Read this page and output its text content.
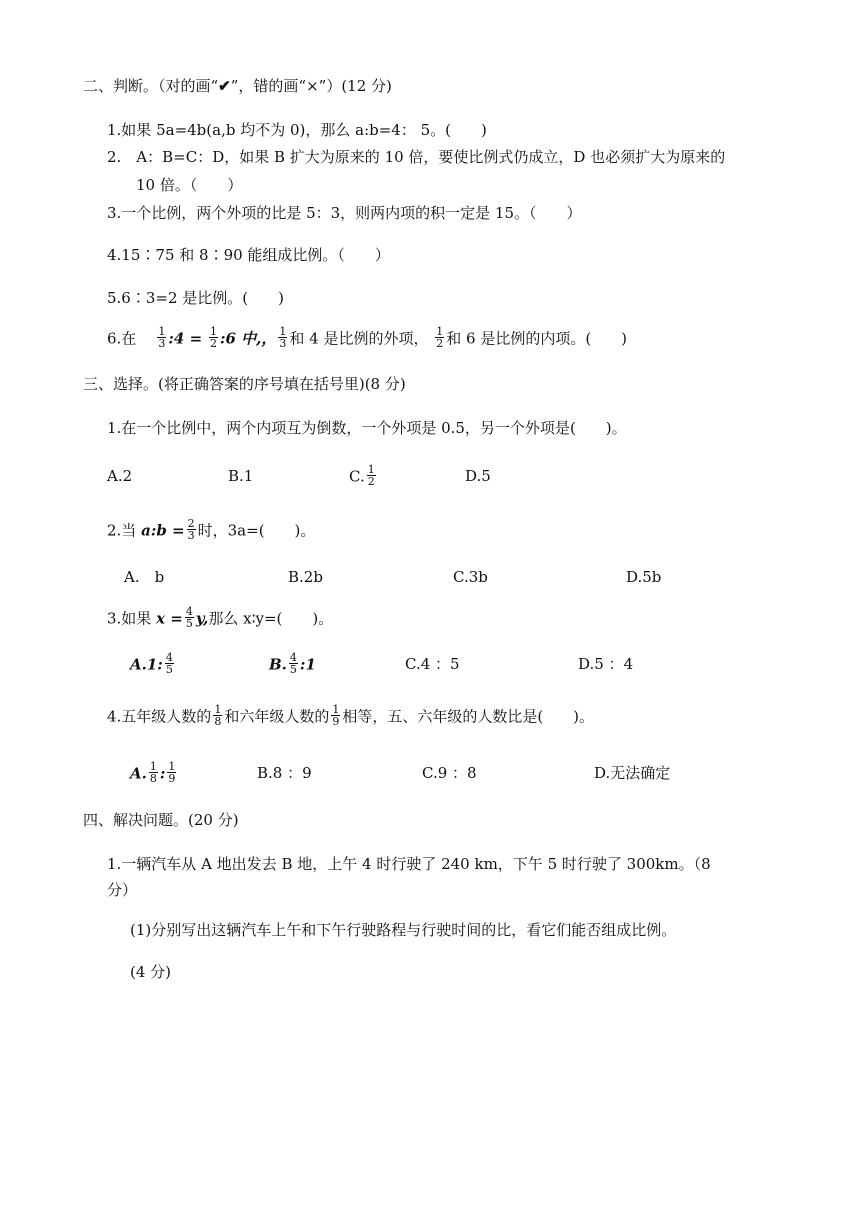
二、判断。（对的画“✔”，错的画“×”）(12 分)
1.如果 5a=4b(a,b 均不为 0)，那么 a:b=4： 5。(　　)
2.　A：B=C：D，如果 B 扩大为原来的 10 倍，要使比例式仍成立，D 也必须扩大为原来的
10 倍。（　　）
3.一个比例，两个外项的比是 5：3，则两内项的积一定是 15。（　　）
4.15∶75 和 8∶90 能组成比例。（　　）
5.6∶3=2 是比例。(　　)
6.在 $\frac{1}{3}$ :4 = $\frac{1}{2}$ :6 中,， $\frac{1}{3}$ 和 4 是比例的外项， $\frac{1}{2}$ 和 6 是比例的内项。(　　)
三、选择。(将正确答案的序号填在括号里)(8 分)
1.在一个比例中，两个内项互为倒数，一个外项是 0.5，另一个外项是(　　)。
A.2	B.1	C. $\frac{1}{2}$	D.5
2.当 a:b = $\frac{2}{3}$ 时，3a=(　　)。
A.　b	B.2b	C.3b	D.5b
3.如果 $x = \frac{4}{5} y$,那么 x∶y=(　　)。
A.1: $\frac{4}{5}$	B. $\frac{4}{5}$ :1	C.4 ：5	D.5 ：4
4.五年级人数的 $\frac{1}{8}$ 和六年级人数的 $\frac{1}{9}$ 相等，五、六年级的人数比是(　　)。
A. $\frac{1}{8}$ : $\frac{1}{9}$	B.8 ：9	C.9 ：8	D.无法确定
四、解决问题。(20 分)
1.一辆汽车从 A 地出发去 B 地，上午 4 时行驶了 240 km，下午 5 时行驶了 300km。（8
分）
(1)分别写出这辆汽车上午和下午行驶路程与行驶时间的比，看它们能否组成比例。
(4 分)
